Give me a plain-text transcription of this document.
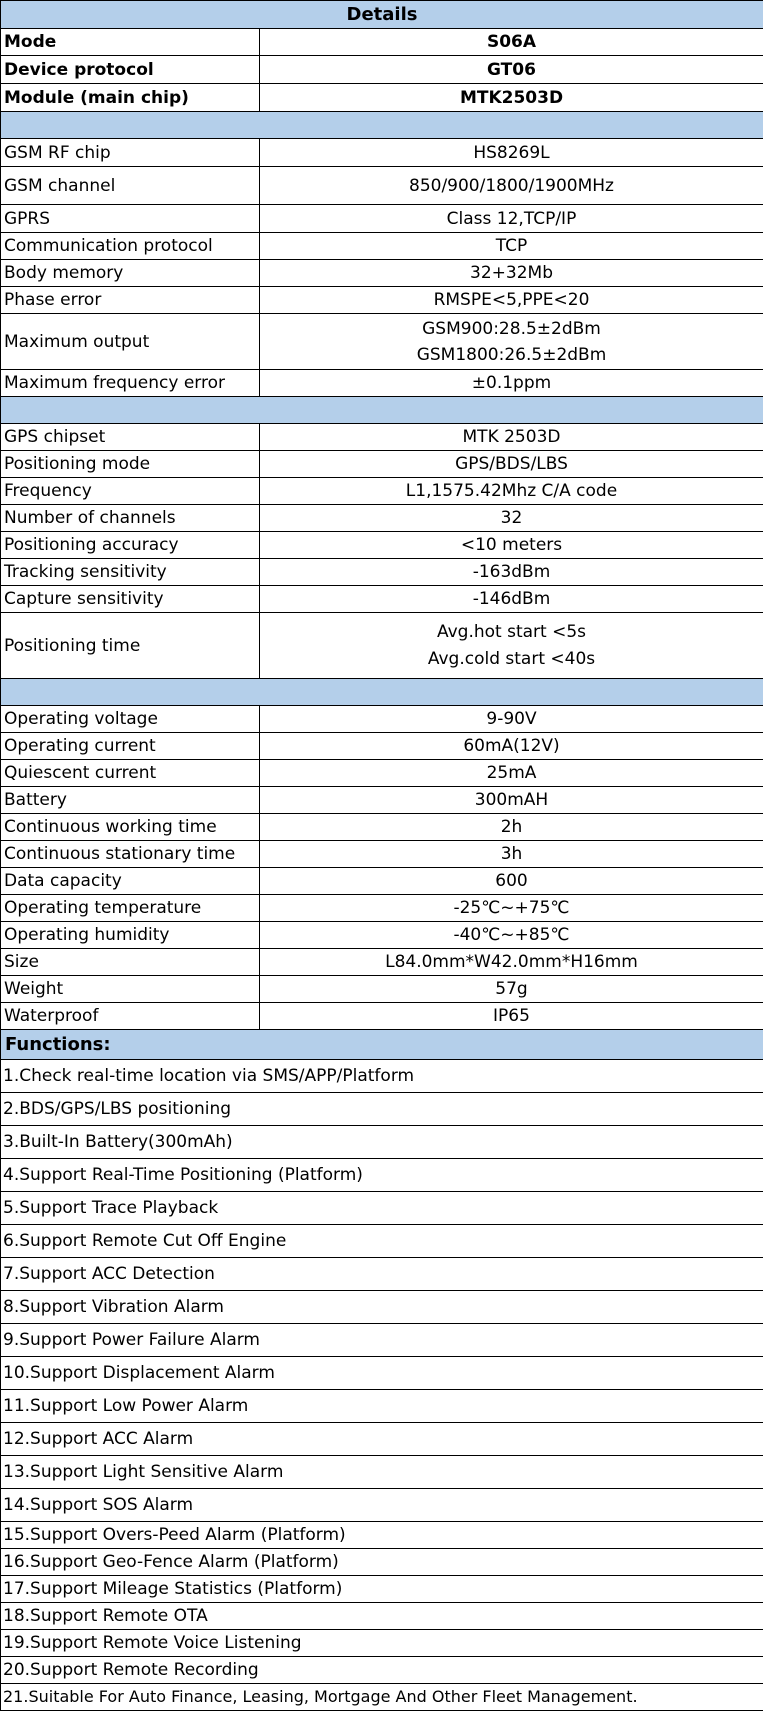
Details	
Mode	S06A
Device protocol	GT06
Module (main chip)	MTK2503D

GSM RF chip	HS8269L
GSM channel	850/900/1800/1900MHz
GPRS	Class 12,TCP/IP
Communication protocol	TCP
Body memory	32+32Mb
Phase error	RMSPE<5,PPE<20
Maximum output	GSM900:28.5±2dBm
GSM1800:26.5±2dBm

Maximum frequency error	±0.1ppm

GPS chipset	MTK 2503D
Positioning mode	GPS/BDS/LBS
Frequency	L1,1575.42Mhz C/A code
Number of channels	32
Positioning accuracy	<10 meters
Tracking sensitivity	-163dBm
Capture sensitivity	-146dBm
Positioning time	Avg.hot start <5s
Avg.cold start <40s

Operating voltage	9-90V
Operating current	60mA(12V)
Quiescent current	25mA
Battery	300mAH
Continuous working time	2h
Continuous stationary time	3h
Data capacity	600
Operating temperature	-25℃~+75℃
Operating humidity	-40℃~+85℃
Size	L84.0mm*W42.0mm*H16mm
Weight	57g
Waterproof	IP65
Functions:	
1.Check real-time location via SMS/APP/Platform	
2.BDS/GPS/LBS positioning	
3.Built-In Battery(300mAh)	
4.Support Real-Time Positioning (Platform)	
5.Support Trace Playback	
6.Support Remote Cut Off Engine	
7.Support ACC Detection	
8.Support Vibration Alarm	
9.Support Power Failure Alarm	
10.Support Displacement Alarm	
11.Support Low Power Alarm	
12.Support ACC Alarm	
13.Support Light Sensitive Alarm	
14.Support SOS Alarm	
15.Support Overs-Peed Alarm (Platform)	
16.Support Geo-Fence Alarm (Platform)	
17.Support Mileage Statistics (Platform)	
18.Support Remote OTA	
19.Support Remote Voice Listening	
20.Support Remote Recording	
21.Suitable For Auto Finance, Leasing, Mortgage And Other Fleet Management.	
